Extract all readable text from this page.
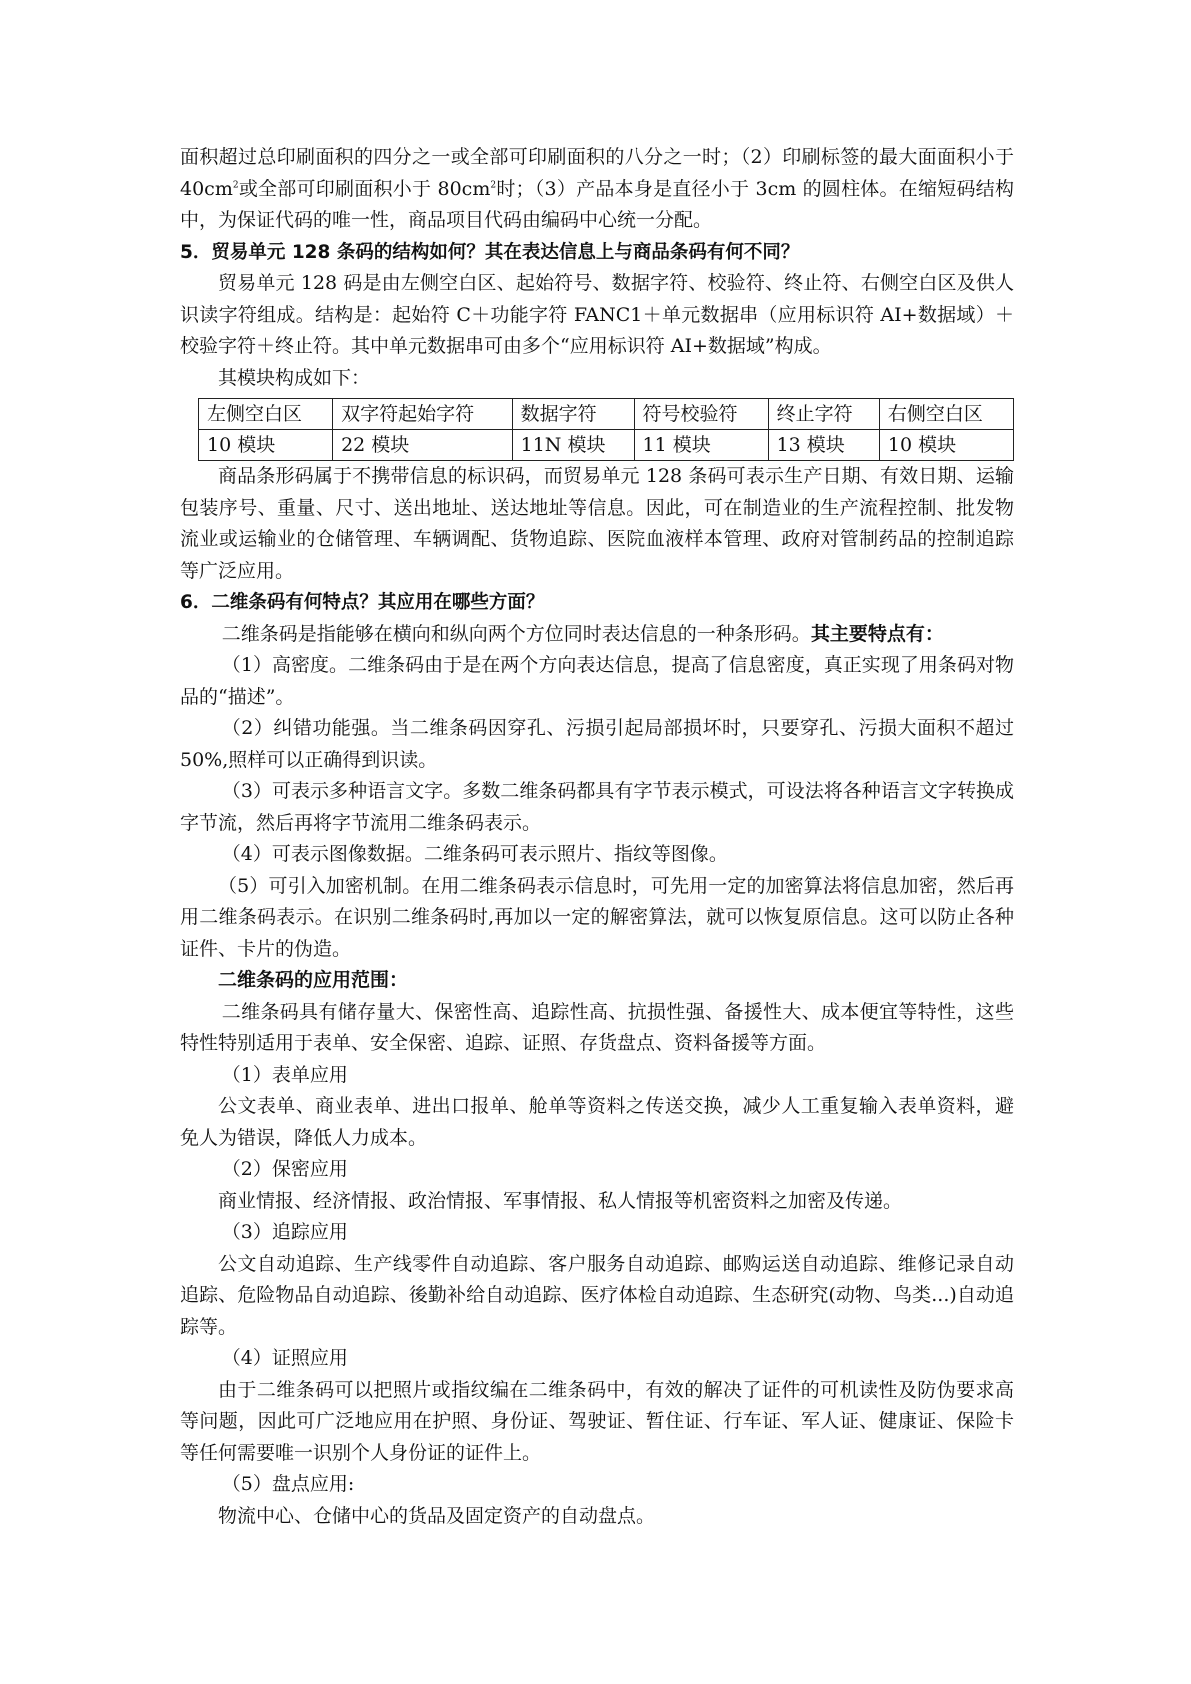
面积超过总印刷面积的四分之一或全部可印刷面积的八分之一时；（2）印刷标签的最大面面积小于 $40cm^2$或全部可印刷面积小于 $80cm^2$时；（3）产品本身是直径小于 3cm 的圆柱体。在缩短码结构中，为保证代码的唯一性，商品项目代码由编码中心统一分配。

5．贸易单元 128 条码的结构如何？其在表达信息上与商品条码有何不同？

贸易单元 128 码是由左侧空白区、起始符号、数据字符、校验符、终止符、右侧空白区及供人识读字符组成。结构是：起始符 C＋功能字符 FANC1＋单元数据串（应用标识符 AI+数据域）＋校验字符＋终止符。其中单元数据串可由多个“应用标识符 AI+数据域”构成。

其模块构成如下：

左侧空白区	双字符起始字符	数据字符	符号校验符	终止字符	右侧空白区
10 模块	22 模块	11N 模块	11 模块	13 模块	10 模块

商品条形码属于不携带信息的标识码，而贸易单元 128 条码可表示生产日期、有效日期、运输包装序号、重量、尺寸、送出地址、送达地址等信息。因此，可在制造业的生产流程控制、批发物流业或运输业的仓储管理、车辆调配、货物追踪、医院血液样本管理、政府对管制药品的控制追踪等广泛应用。

6．二维条码有何特点？其应用在哪些方面？

二维条码是指能够在横向和纵向两个方位同时表达信息的一种条形码。其主要特点有：

（1）高密度。二维条码由于是在两个方向表达信息，提高了信息密度，真正实现了用条码对物品的“描述”。

（2）纠错功能强。当二维条码因穿孔、污损引起局部损坏时，只要穿孔、污损大面积不超过 50%,照样可以正确得到识读。

（3）可表示多种语言文字。多数二维条码都具有字节表示模式，可设法将各种语言文字转换成字节流，然后再将字节流用二维条码表示。

（4）可表示图像数据。二维条码可表示照片、指纹等图像。

（5）可引入加密机制。在用二维条码表示信息时，可先用一定的加密算法将信息加密，然后再用二维条码表示。在识别二维条码时,再加以一定的解密算法，就可以恢复原信息。这可以防止各种证件、卡片的伪造。

二维条码的应用范围：

二维条码具有储存量大、保密性高、追踪性高、抗损性强、备援性大、成本便宜等特性，这些特性特别适用于表单、安全保密、追踪、证照、存货盘点、资料备援等方面。

（1）表单应用

公文表单、商业表单、进出口报单、舱单等资料之传送交换，减少人工重复输入表单资料，避免人为错误，降低人力成本。

（2）保密应用

商业情报、经济情报、政治情报、军事情报、私人情报等机密资料之加密及传递。

（3）追踪应用

公文自动追踪、生产线零件自动追踪、客户服务自动追踪、邮购运送自动追踪、维修记录自动追踪、危险物品自动追踪、後勤补给自动追踪、医疗体检自动追踪、生态研究(动物、鸟类...)自动追踪等。

（4）证照应用

由于二维条码可以把照片或指纹编在二维条码中，有效的解决了证件的可机读性及防伪要求高等问题，因此可广泛地应用在护照、身份证、驾驶证、暂住证、行车证、军人证、健康证、保险卡等任何需要唯一识别个人身份证的证件上。

（5）盘点应用:

物流中心、仓储中心的货品及固定资产的自动盘点。
